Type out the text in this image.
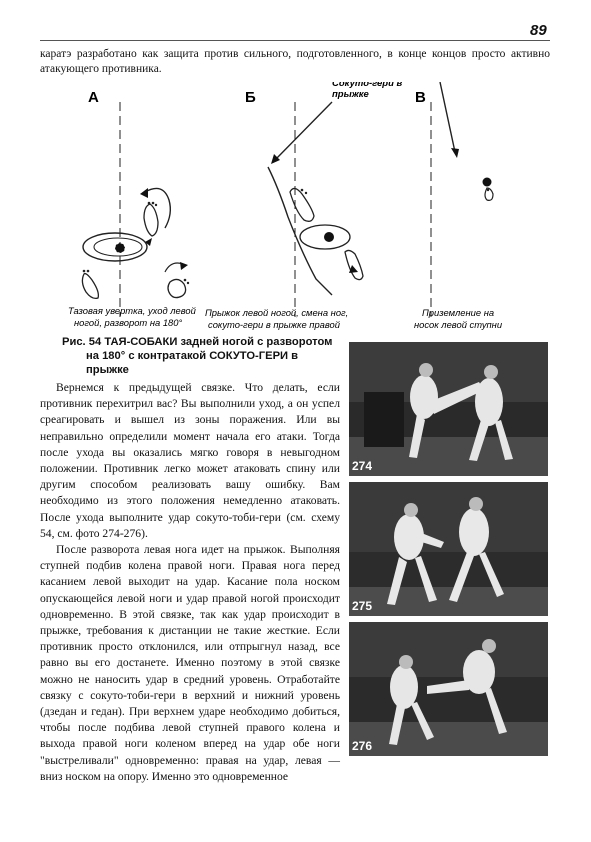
89
каратэ разработано как защита против сильного, подготовленного, в конце концов просто активно атакующего противника.
А	Б	В
Сокуто-гери в
прыжке
Тазовая увертка, уход левой
ногой, разворот на 180°
Прыжок левой ногой, смена ног,
сокуто-гери в прыжке правой
Приземление на
носок левой ступни
Рис. 54 ТАЯ-СОБАКИ задней ногой с разворотом
на 180° с контратакой СОКУТО-ГЕРИ в
прыжке

Вернемся к предыдущей связке. Что делать, если противник перехитрил вас? Вы выполнили уход, а он успел среагировать и вышел из зоны поражения. Или вы неправильно определили момент начала его атаки. Тогда после ухода вы оказались мягко говоря в невыгодном положении. Противник легко может атаковать спину или другим способом реализовать вашу ошибку. Вам необходимо из этого положения немедленно атаковать. После ухода выполните удар сокуто-тоби-гери (см. схему 54, см. фото 274-276).

После разворота левая нога идет на прыжок. Выполняя ступней подбив колена правой ноги. Правая нога перед касанием левой выходит на удар. Касание пола носком опускающейся левой ноги и удар правой ногой происходит одновременно. В этой связке, так как удар происходит в прыжке, требования к дистанции не такие жесткие. Если противник просто отклонился, или отпрыгнул назад, все равно вы его достанете. Именно поэтому в этой связке можно не наносить удар в средний уровень. Отработайте связку с сокуто-тоби-гери в верхний и нижний уровень (дзедан и гедан). При верхнем ударе необходимо добиться, чтобы после подбива левой ступней правого колена и выхода правой ноги коленом вперед на удар обе ноги "выстреливали" одновременно: правая на удар, левая — вниз носком на опору. Именно это одновременное

274
275
276
